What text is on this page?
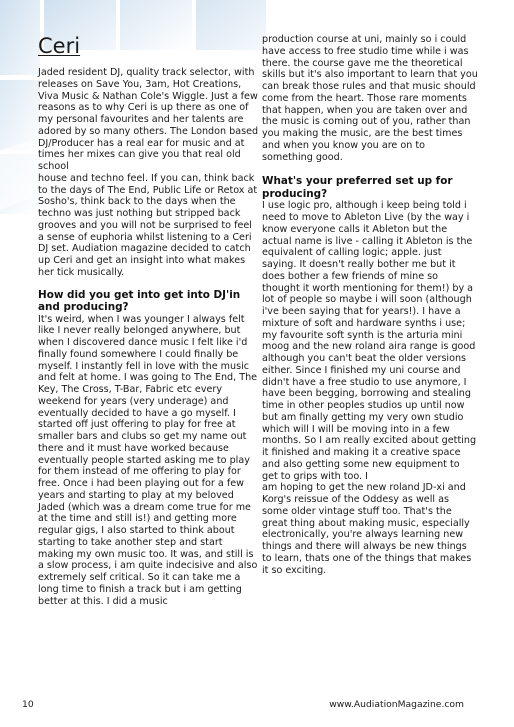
Ceri

Jaded resident DJ, quality track selector, with releases on Save You, 3am, Hot Creations, Viva Music & Nathan Cole's Wiggle. Just a few reasons as to why Ceri is up there as one of my personal favourites and her talents are adored by so many others. The London based DJ/Producer has a real ear for music and at times her mixes can give you that real old school

house and techno feel. If you can, think back to the days of The End, Public Life or Retox at Sosho's, think back to the days when the techno was just nothing but stripped back grooves and you will not be surprised to feel a sense of euphoria whilst listening to a Ceri DJ set. Audiation magazine decided to catch up Ceri and get an insight into what makes her tick musically.

How did you get into get into DJ'in and producing?

It's weird, when I was younger I always felt like I never really belonged anywhere, but when I discovered dance music I felt like i'd finally found somewhere I could finally be myself. I instantly fell in love with the music and felt at home. I was going to The End, The Key, The Cross, T-Bar, Fabric etc every weekend for years (very underage) and eventually decided to have a go myself. I started off just offering to play for free at smaller bars and clubs so get my name out there and it must have worked because eventually people started asking me to play for them instead of me offering to play for free. Once i had been playing out for a few years and starting to play at my beloved Jaded (which was a dream come true for me at the time and still is!) and getting more regular gigs, I also started to think about starting to take another step and start making my own music too. It was, and still is a slow process, i am quite indecisive and also extremely self critical. So it can take me a long time to finish a track but i am getting better at this. I did a music

production course at uni, mainly so i could have access to free studio time while i was there. the course gave me the theoretical skills but it's also important to learn that you can break those rules and that music should come from the heart. Those rare moments that happen, when you are taken over and the music is coming out of you, rather than you making the music, are the best times and when you know you are on to something good.

What's your preferred set up for producing?

I use logic pro, although i keep being told i need to move to Ableton Live (by the way i know everyone calls it Ableton but the actual name is live - calling it Ableton is the equivalent of calling logic; apple. just saying. It doesn't really bother me but it does bother a few friends of mine so thought it worth mentioning for them!) by a lot of people so maybe i will soon (although i've been saying that for years!). I have a mixture of soft and hardware synths i use; my favourite soft synth is the arturia mini moog and the new roland aira range is good although you can't beat the older versions either. Since I finished my uni course and didn't have a free studio to use anymore, I have been begging, borrowing and stealing time in other peoples studios up until now but am finally getting my very own studio which will I will be moving into in a few months. So I am really excited about getting it finished and making it a creative space and also getting some new equipment to get to grips with too. I

am hoping to get the new roland JD-xi and Korg's reissue of the Oddesy as well as some older vintage stuff too. That's the great thing about making music, especially electronically, you're always learning new things and there will always be new things to learn, thats one of the things that makes it so exciting.

10	www.AudiationMagazine.com
